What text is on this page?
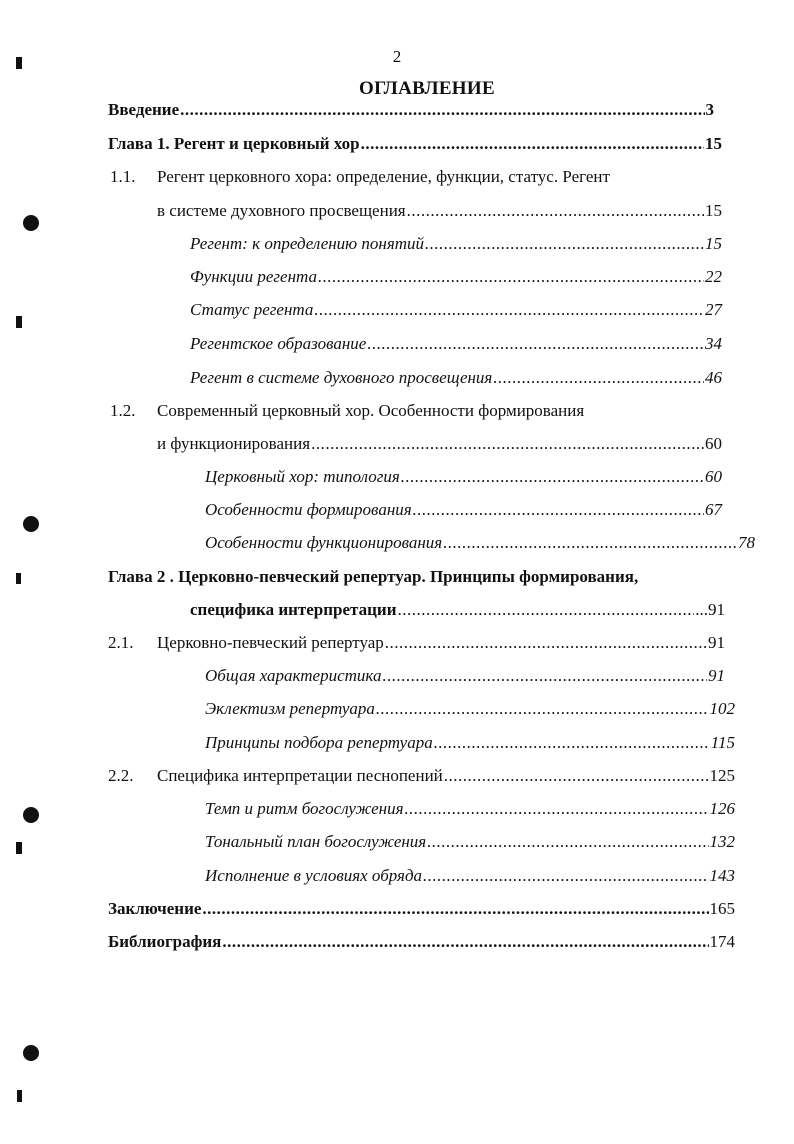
2
ОГЛАВЛЕНИЕ
Введение .....	3
Глава 1. Регент и церковный хор .....	15
1.1. Регент церковного хора: определение, функции, статус. Регент
в системе духовного просвещения .....	15
Регент: к определению понятий .....	15
Функции регента .....	22
Статус регента .....	27
Регентское образование .....	34
Регент в системе духовного просвещения .....	46
1.2. Современный церковный хор. Особенности формирования
и функционирования .....	60
Церковный хор: типология .....	60
Особенности формирования .....	67
Особенности функционирования .....	78
Глава 2 . Церковно-певческий репертуар. Принципы формирования,
специфика интерпретации .....	...91
2.1. Церковно-певческий репертуар .....	91
Общая характеристика .....	91
Эклектизм репертуара .....	102
Принципы подбора репертуара .....	115
2.2. Специфика интерпретации песнопений .....	125
Темп и ритм богослужения .....	126
Тональный план богослужения .....	132
Исполнение в условиях обряда .....	143
Заключение .....	165
Библиография .....	174
